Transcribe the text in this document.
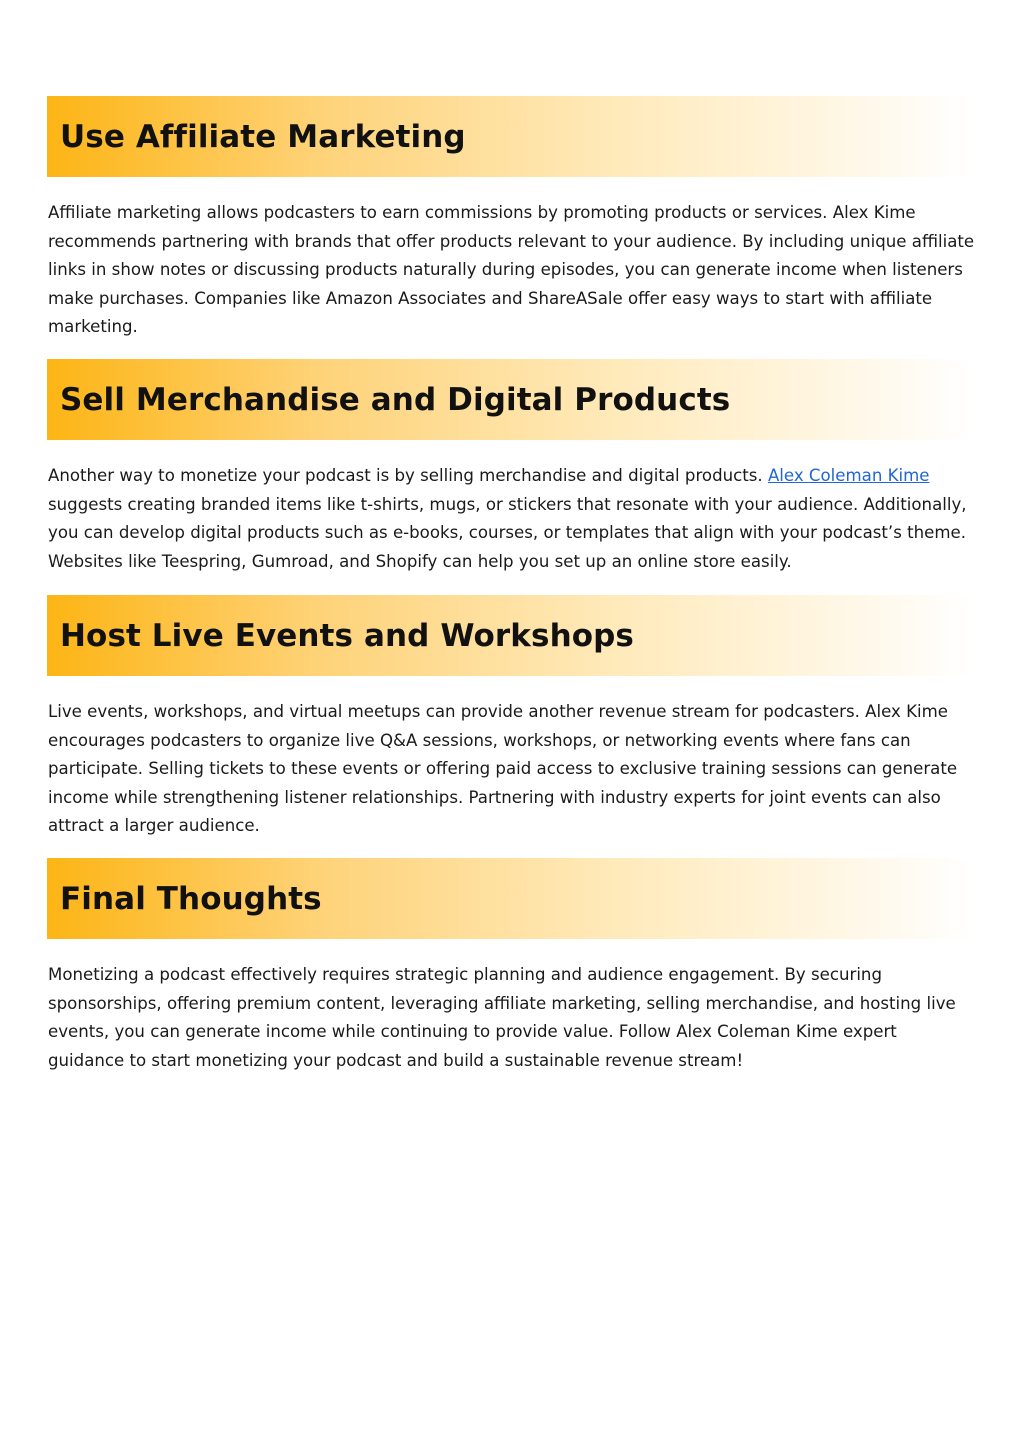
Use Affiliate Marketing

Affiliate marketing allows podcasters to earn commissions by promoting products or services. Alex Kime recommends partnering with brands that offer products relevant to your audience. By including unique affiliate links in show notes or discussing products naturally during episodes, you can generate income when listeners make purchases. Companies like Amazon Associates and ShareASale offer easy ways to start with affiliate marketing.

Sell Merchandise and Digital Products

Another way to monetize your podcast is by selling merchandise and digital products. Alex Coleman Kime suggests creating branded items like t-shirts, mugs, or stickers that resonate with your audience. Additionally, you can develop digital products such as e-books, courses, or templates that align with your podcast’s theme. Websites like Teespring, Gumroad, and Shopify can help you set up an online store easily.

Host Live Events and Workshops

Live events, workshops, and virtual meetups can provide another revenue stream for podcasters. Alex Kime encourages podcasters to organize live Q&A sessions, workshops, or networking events where fans can participate. Selling tickets to these events or offering paid access to exclusive training sessions can generate income while strengthening listener relationships. Partnering with industry experts for joint events can also attract a larger audience.

Final Thoughts

Monetizing a podcast effectively requires strategic planning and audience engagement. By securing sponsorships, offering premium content, leveraging affiliate marketing, selling merchandise, and hosting live events, you can generate income while continuing to provide value. Follow Alex Coleman Kime expert guidance to start monetizing your podcast and build a sustainable revenue stream!
